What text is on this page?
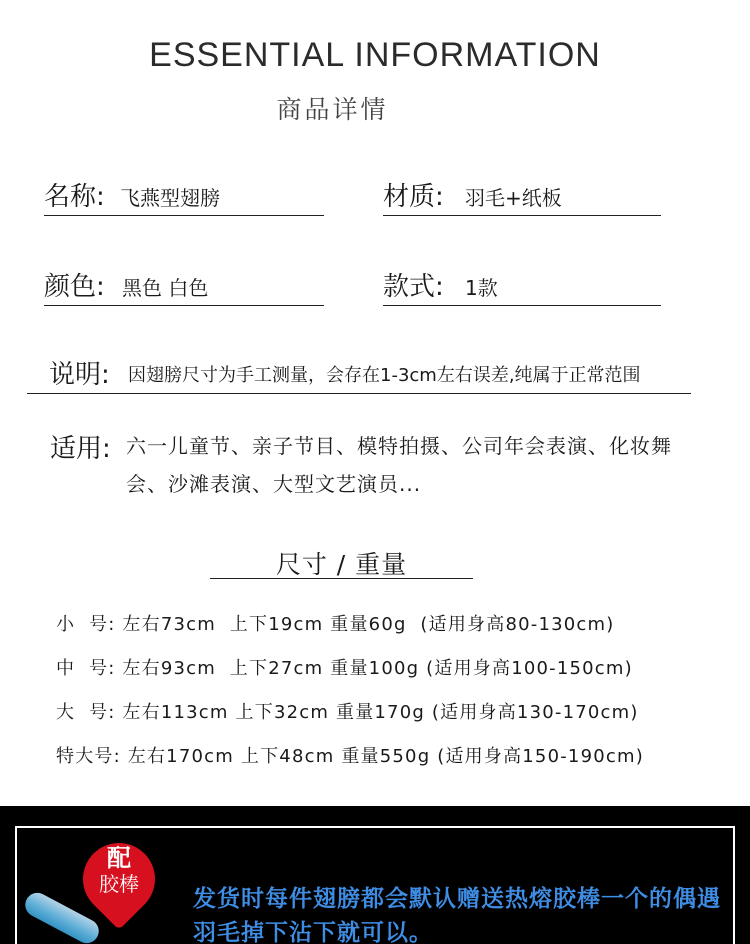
ESSENTIAL INFORMATION
商品详情
名称: 飞燕型翅膀	材质: 羽毛+纸板
颜色: 黑色 白色	款式: 1款
说明: 因翅膀尺寸为手工测量，会存在1-3cm左右误差,纯属于正常范围
适用: 六一儿童节、亲子节目、模特拍摄、公司年会表演、化妆舞会、沙滩表演、大型文艺演员...
尺寸 / 重量
小  号: 左右73cm  上下19cm 重量60g  (适用身高80-130cm)
中  号: 左右93cm  上下27cm 重量100g (适用身高100-150cm)
大  号: 左右113cm 上下32cm 重量170g (适用身高130-170cm)
特大号: 左右170cm 上下48cm 重量550g (适用身高150-190cm)
配
胶棒
发货时每件翅膀都会默认赠送热熔胶棒一个的偶遇羽毛掉下沾下就可以。
